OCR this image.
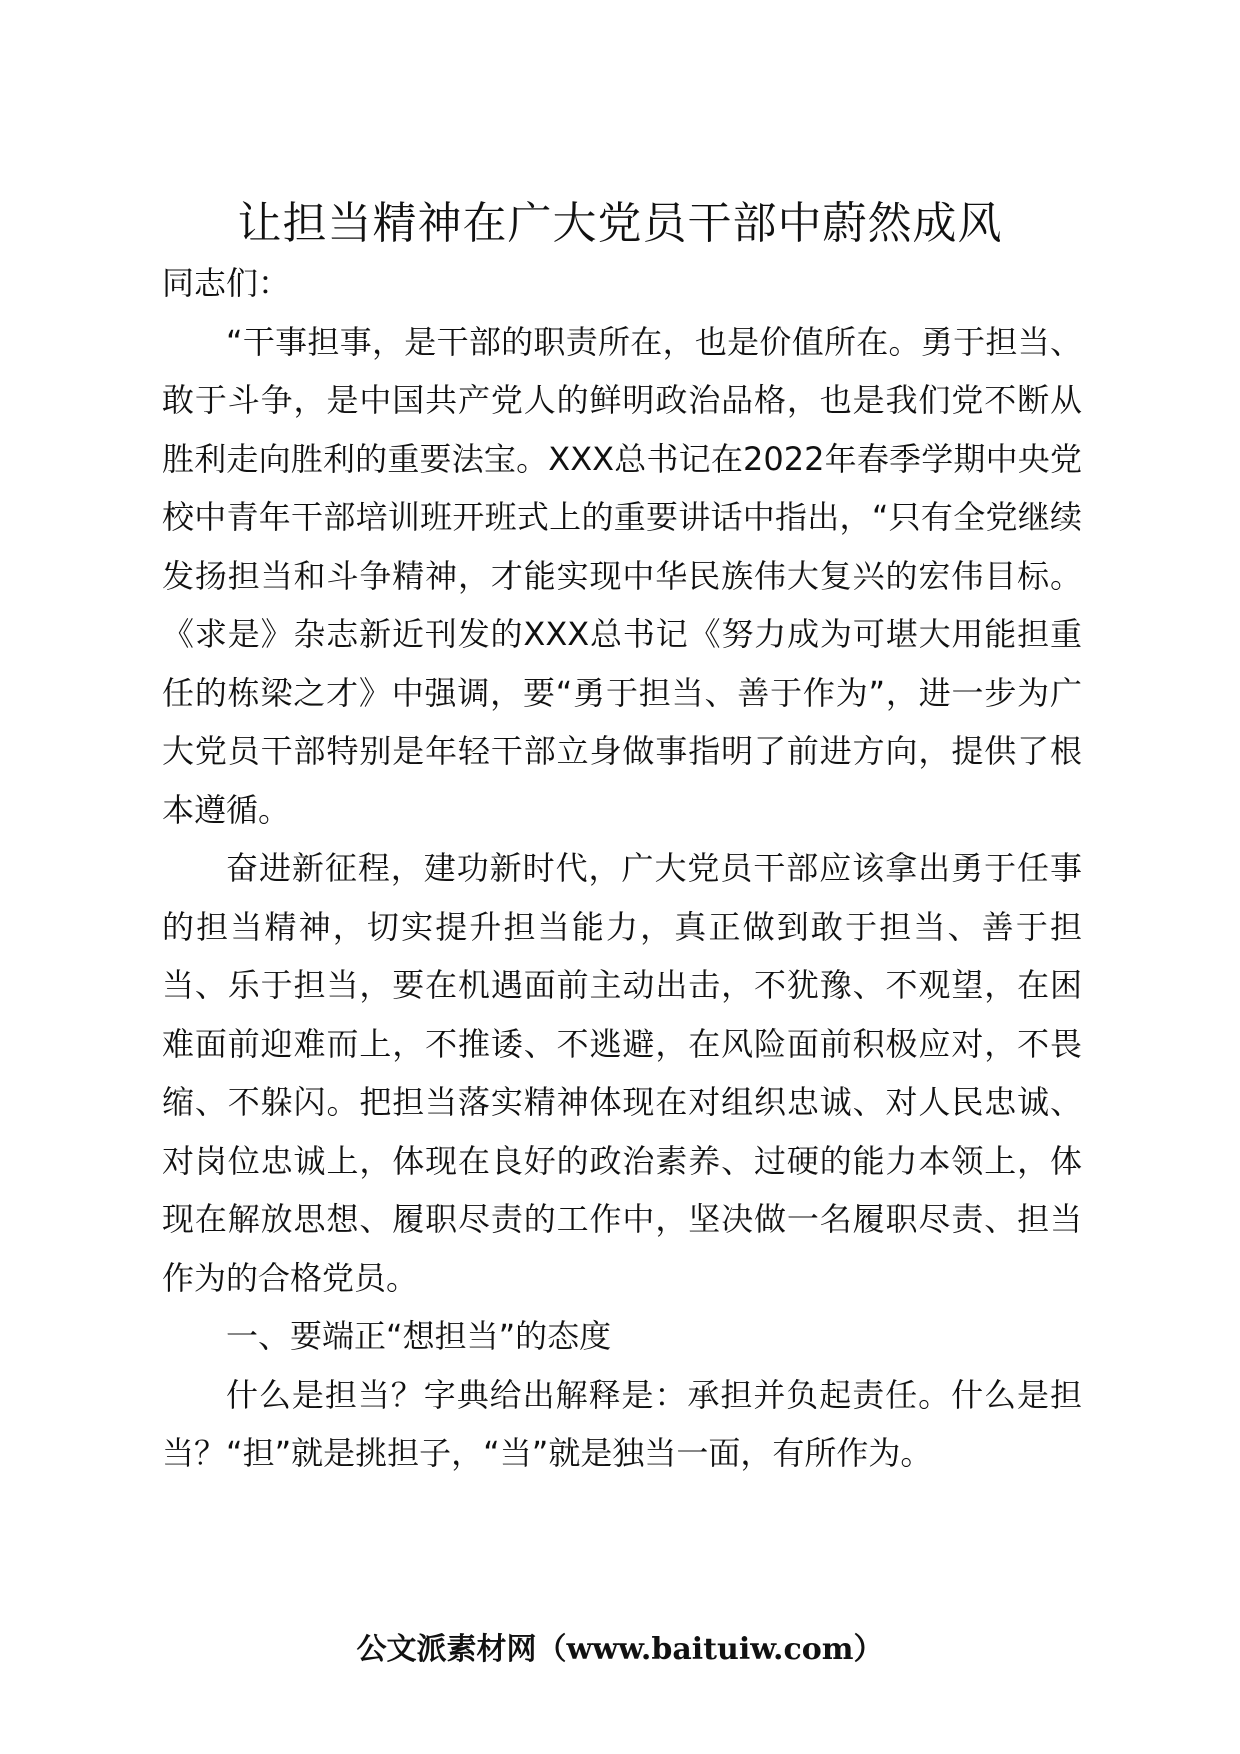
让担当精神在广大党员干部中蔚然成风

同志们：

“干事担事，是干部的职责所在，也是价值所在。勇于担当、敢于斗争，是中国共产党人的鲜明政治品格，也是我们党不断从胜利走向胜利的重要法宝。XXX总书记在2022年春季学期中央党校中青年干部培训班开班式上的重要讲话中指出，“只有全党继续发扬担当和斗争精神，才能实现中华民族伟大复兴的宏伟目标。《求是》杂志新近刊发的XXX总书记《努力成为可堪大用能担重任的栋梁之才》中强调，要“勇于担当、善于作为”，进一步为广大党员干部特别是年轻干部立身做事指明了前进方向，提供了根本遵循。

奋进新征程，建功新时代，广大党员干部应该拿出勇于任事的担当精神，切实提升担当能力，真正做到敢于担当、善于担当、乐于担当，要在机遇面前主动出击，不犹豫、不观望，在困难面前迎难而上，不推诿、不逃避，在风险面前积极应对，不畏缩、不躲闪。把担当落实精神体现在对组织忠诚、对人民忠诚、对岗位忠诚上，体现在良好的政治素养、过硬的能力本领上，体现在解放思想、履职尽责的工作中，坚决做一名履职尽责、担当作为的合格党员。

一、要端正“想担当”的态度

什么是担当？字典给出解释是：承担并负起责任。什么是担当？“担”就是挑担子，“当”就是独当一面，有所作为。

公文派素材网（www.baituiw.com）
